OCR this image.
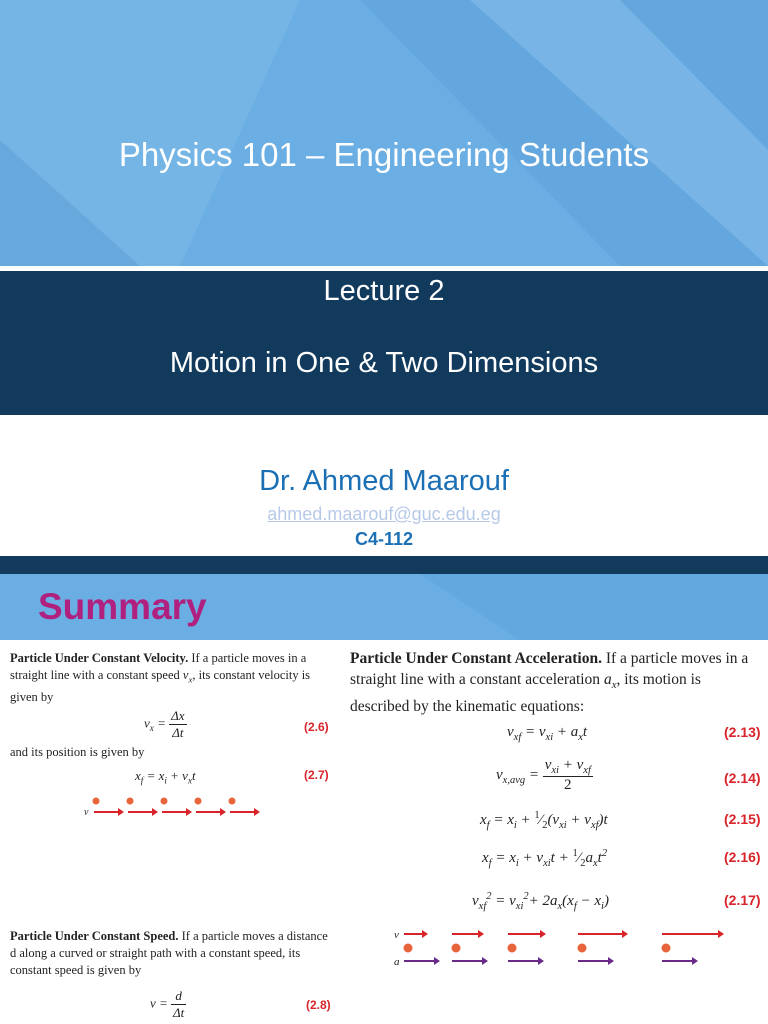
Physics 101 – Engineering Students
Lecture 2
Motion in One & Two Dimensions
Dr. Ahmed Maarouf
ahmed.maarouf@guc.edu.eg
C4-112
Summary
Particle Under Constant Velocity. If a particle moves in a straight line with a constant speed $v_x$, its constant velocity is given by
$v_x = \frac{\Delta x}{\Delta t}$	(2.6)
and its position is given by
$x_f = x_i + v_xt$	(2.7)
v
Particle Under Constant Speed. If a particle moves a distance d along a curved or straight path with a constant speed, its constant speed is given by
$v = \frac{d}{\Delta t}$	(2.8)
Particle Under Constant Acceleration. If a particle moves in a straight line with a constant acceleration $a_x$, its motion is described by the kinematic equations:
$v_{xf} = v_{xi} + a_xt$	(2.13)
$v_{x,avg} = \frac{v_{xi} + v_{xf}}{2}$	(2.14)
$x_f = x_i$ + $^1⁄_2(v_{xi} + v_{xf})t$	(2.15)
$x_f = x_i + v_{xi}t$ + $^1⁄_2a_xt^2$	(2.16)
$v_{xf}^2 = v_{xi}^2+ 2a_x(x_f - x_i)$	(2.17)
v
a
